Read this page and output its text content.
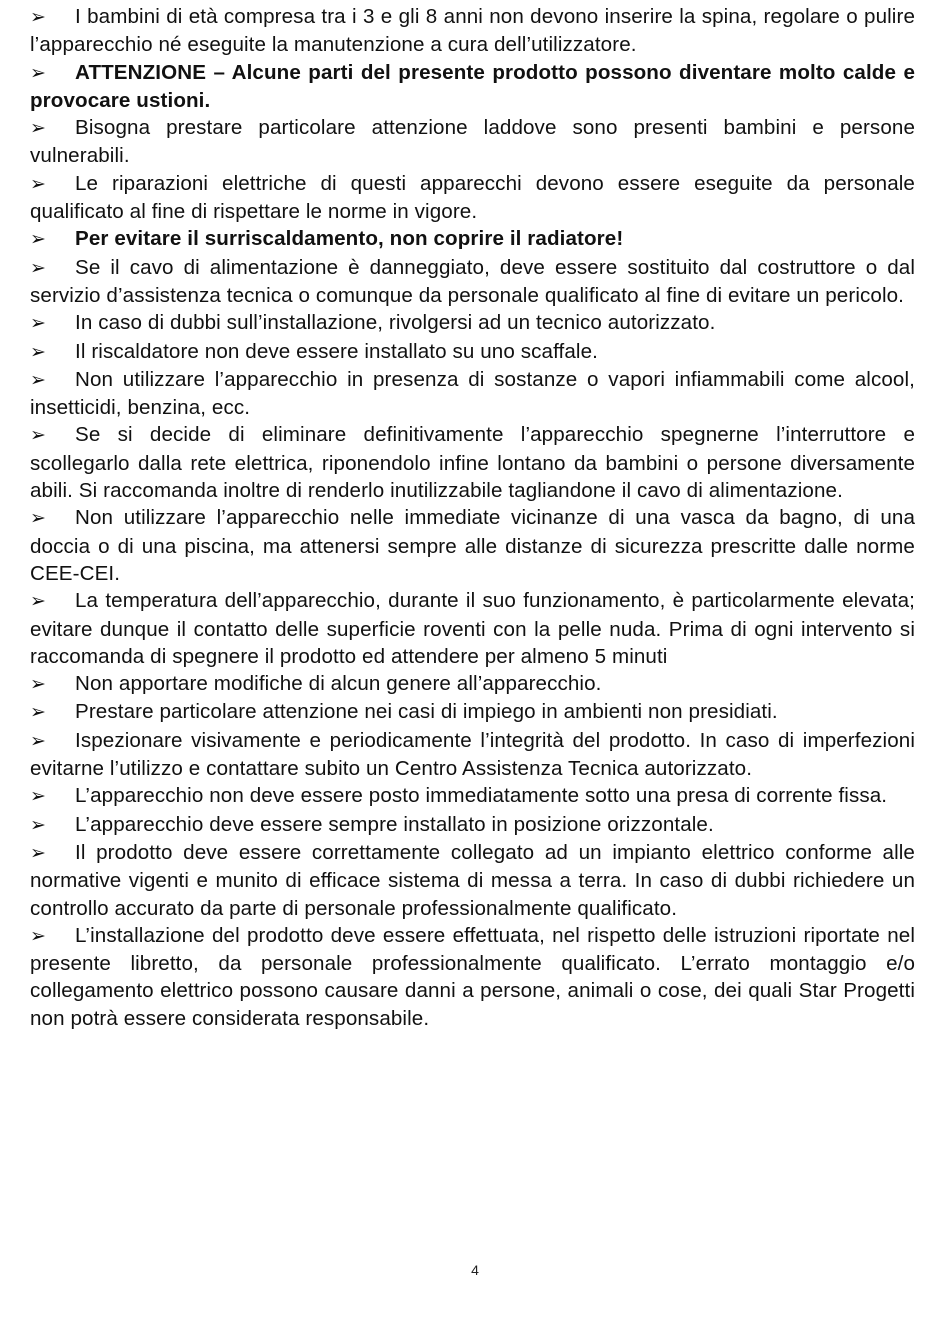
➢ I bambini di età compresa tra i 3 e gli 8 anni non devono inserire la spina, regolare o pulire l’apparecchio né eseguite la manutenzione a cura dell’utilizzatore.

➢ ATTENZIONE – Alcune parti del presente prodotto possono diventare molto calde e provocare ustioni.

➢ Bisogna prestare particolare attenzione laddove sono presenti bambini e persone vulnerabili.

➢ Le riparazioni elettriche di questi apparecchi devono essere eseguite da personale qualificato al fine di rispettare le norme in vigore.

➢ Per evitare il surriscaldamento, non coprire il radiatore!

➢ Se il cavo di alimentazione è danneggiato, deve essere sostituito dal costruttore o dal servizio d’assistenza tecnica o comunque da personale qualificato al fine di evitare un pericolo.

➢ In caso di dubbi sull’installazione, rivolgersi ad un tecnico autorizzato.

➢ Il riscaldatore non deve essere installato su uno scaffale.

➢ Non utilizzare l’apparecchio in presenza di sostanze o vapori infiammabili come alcool, insetticidi, benzina, ecc.

➢ Se si decide di eliminare definitivamente l’apparecchio spegnerne l’interruttore e scollegarlo dalla rete elettrica, riponendolo infine lontano da bambini o persone diversamente abili. Si raccomanda inoltre di renderlo inutilizzabile tagliandone il cavo di alimentazione.

➢ Non utilizzare l’apparecchio nelle immediate vicinanze di una vasca da bagno, di una doccia o di una piscina, ma attenersi sempre alle distanze di sicurezza prescritte dalle norme CEE-CEI.

➢ La temperatura dell’apparecchio, durante il suo funzionamento, è particolarmente elevata; evitare dunque il contatto delle superficie roventi con la pelle nuda. Prima di ogni intervento si raccomanda di spegnere il prodotto ed attendere per almeno 5 minuti

➢ Non apportare modifiche di alcun genere all’apparecchio.

➢ Prestare particolare attenzione nei casi di impiego in ambienti non presidiati.

➢ Ispezionare visivamente e periodicamente l’integrità del prodotto. In caso di imperfezioni evitarne l’utilizzo e contattare subito un Centro Assistenza Tecnica autorizzato.

➢ L’apparecchio non deve essere posto immediatamente sotto una presa di corrente fissa.

➢ L’apparecchio deve essere sempre installato in posizione orizzontale.

➢ Il prodotto deve essere correttamente collegato ad un impianto elettrico conforme alle normative vigenti e munito di efficace sistema di messa a terra. In caso di dubbi richiedere un controllo accurato da parte di personale professionalmente qualificato.

➢ L’installazione del prodotto deve essere effettuata, nel rispetto delle istruzioni riportate nel presente libretto, da personale professionalmente qualificato. L’errato montaggio e/o collegamento elettrico possono causare danni a persone, animali o cose, dei quali Star Progetti non potrà essere considerata responsabile.

4
